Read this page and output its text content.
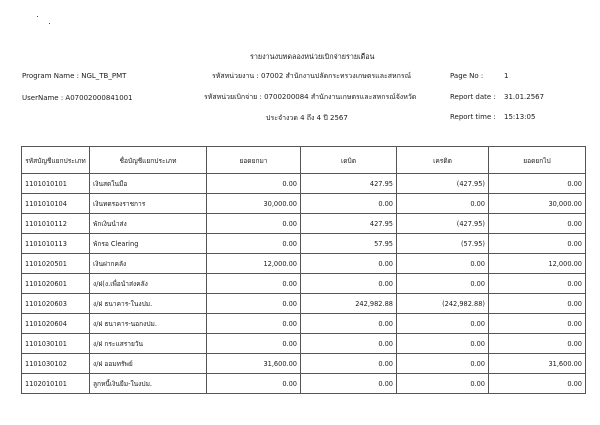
รายงานงบทดลองหน่วยเบิกจ่ายรายเดือน
Program Name : NGL_TB_PMT
UserName : A07002000841001
รหัสหน่วยงาน : 07002 สำนักงานปลัดกระทรวงเกษตรและสหกรณ์
รหัสหน่วยเบิกจ่าย : 0700200084 สำนักงานเกษตรและสหกรณ์จังหวัด
ประจำงวด 4 ถึง 4 ปี 2567
Page No :	1
Report date : 31.01.2567
Report time : 15:13:05
รหัสบัญชีแยกประเภท	ชื่อบัญชีแยกประเภท	ยอดยกมา	เดบิต	เครดิต	ยอดยกไป
1101010101	เงินสดในมือ	0.00	427.95	(427.95)	0.00
1101010104	เงินทดรองราชการ	30,000.00	0.00	0.00	30,000.00
1101010112	พักเงินนำส่ง	0.00	427.95	(427.95)	0.00
1101010113	พักรอ Clearing	0.00	57.95	(57.95)	0.00
1101020501	เงินฝากคลัง	12,000.00	0.00	0.00	12,000.00
1101020601	ง/ฝ(ง.เพื่อนำส่งคลัง	0.00	0.00	0.00	0.00
1101020603	ง/ฝ ธนาคาร-ในงปม.	0.00	242,982.88	(242,982.88)	0.00
1101020604	ง/ฝ ธนาคาร-นอกงปม.	0.00	0.00	0.00	0.00
1101030101	ง/ฝ กระแสรายวัน	0.00	0.00	0.00	0.00
1101030102	ง/ฝ ออมทรัพย์	31,600.00	0.00	0.00	31,600.00
1102010101	ลูกหนี้เงินยืม-ในงปม.	0.00	0.00	0.00	0.00
